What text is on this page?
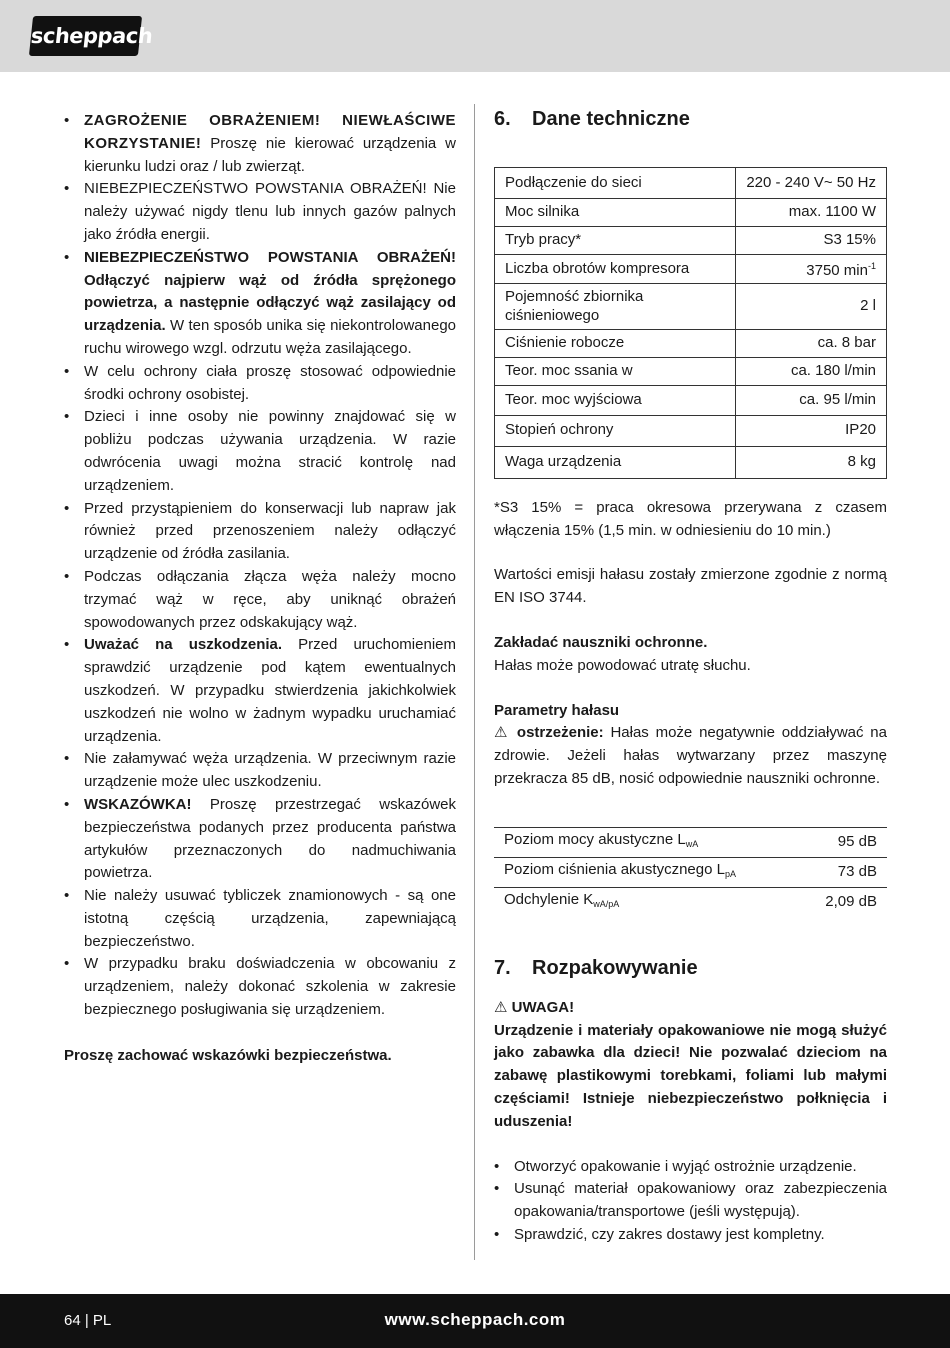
scheppach
• ZAGROŻENIE OBRAŻENIEM! NIEWŁAŚCIWE KORZYSTANIE! Proszę nie kierować urządzenia w kierunku ludzi oraz / lub zwierząt.
• NIEBEZPIECZEŃSTWO POWSTANIA OBRAŻEŃ! Nie należy używać nigdy tlenu lub innych gazów palnych jako źródła energii.
• NIEBEZPIECZEŃSTWO POWSTANIA OBRAŻEŃ! Odłączyć najpierw wąż od źródła sprężonego powietrza, a następnie odłączyć wąż zasilający od urządzenia. W ten sposób unika się niekontrolowanego ruchu wirowego wzgl. odrzutu węża zasilającego.
• W celu ochrony ciała proszę stosować odpowiednie środki ochrony osobistej.
• Dzieci i inne osoby nie powinny znajdować się w pobliżu podczas używania urządzenia. W razie odwrócenia uwagi można stracić kontrolę nad urządzeniem.
• Przed przystąpieniem do konserwacji lub napraw jak również przed przenoszeniem należy odłączyć urządzenie od źródła zasilania.
• Podczas odłączania złącza węża należy mocno trzymać wąż w ręce, aby uniknąć obrażeń spowodowanych przez odskakujący wąż.
• Uważać na uszkodzenia. Przed uruchomieniem sprawdzić urządzenie pod kątem ewentualnych uszkodzeń. W przypadku stwierdzenia jakichkolwiek uszkodzeń nie wolno w żadnym wypadku uruchamiać urządzenia.
• Nie załamywać węża urządzenia. W przeciwnym razie urządzenie może ulec uszkodzeniu.
• WSKAZÓWKA! Proszę przestrzegać wskazówek bezpieczeństwa podanych przez producenta państwa artykułów przeznaczonych do nadmuchiwania powietrza.
• Nie należy usuwać tybliczek znamionowych - są one istotną częścią urządzenia, zapewniającą bezpieczeństwo.
• W przypadku braku doświadczenia w obcowaniu z urządzeniem, należy dokonać szkolenia w zakresie bezpiecznego posługiwania się urządzeniem.

Proszę zachować wskazówki bezpieczeństwa.

6. Dane techniczne
Podłączenie do sieci	220 - 240 V~ 50 Hz
Moc silnika	max. 1100 W
Tryb pracy*	S3 15%
Liczba obrotów kompresora	3750 $\min^{-1}$
Pojemność zbiornika ciśnieniowego	2 l
Ciśnienie robocze	ca. 8 bar
Teor. moc ssania w	ca. 180 l/min
Teor. moc wyjściowa	ca. 95 l/min
Stopień ochrony	IP20
Waga urządzenia	8 kg

*S3 15% = praca okresowa przerywana z czasem włączenia 15% (1,5 min. w odniesieniu do 10 min.)

Wartości emisji hałasu zostały zmierzone zgodnie z normą EN ISO 3744.

Zakładać nauszniki ochronne.

Hałas może powodować utratę słuchu.

Parametry hałasu

⚠ ostrzeżenie: Hałas może negatywnie oddziaływać na zdrowie. Jeżeli hałas wytwarzany przez maszynę przekracza 85 dB, nosić odpowiednie nauszniki ochronne.

Poziom mocy akustyczne $L_{wA}$	95 dB
Poziom ciśnienia akustycznego $L_{pA}$	73 dB
Odchylenie $K_{wA/pA}$	2,09 dB
7. Rozpakowywanie

⚠ UWAGA!

Urządzenie i materiały opakowaniowe nie mogą służyć jako zabawka dla dzieci! Nie pozwalać dzieciom na zabawę plastikowymi torebkami, foliami lub małymi częściami! Istnieje niebezpieczeństwo połknięcia i uduszenia!

• Otworzyć opakowanie i wyjąć ostrożnie urządzenie.
• Usunąć materiał opakowaniowy oraz zabezpieczenia opakowania/transportowe (jeśli występują).
• Sprawdzić, czy zakres dostawy jest kompletny.
64 | PL	www.scheppach.com
